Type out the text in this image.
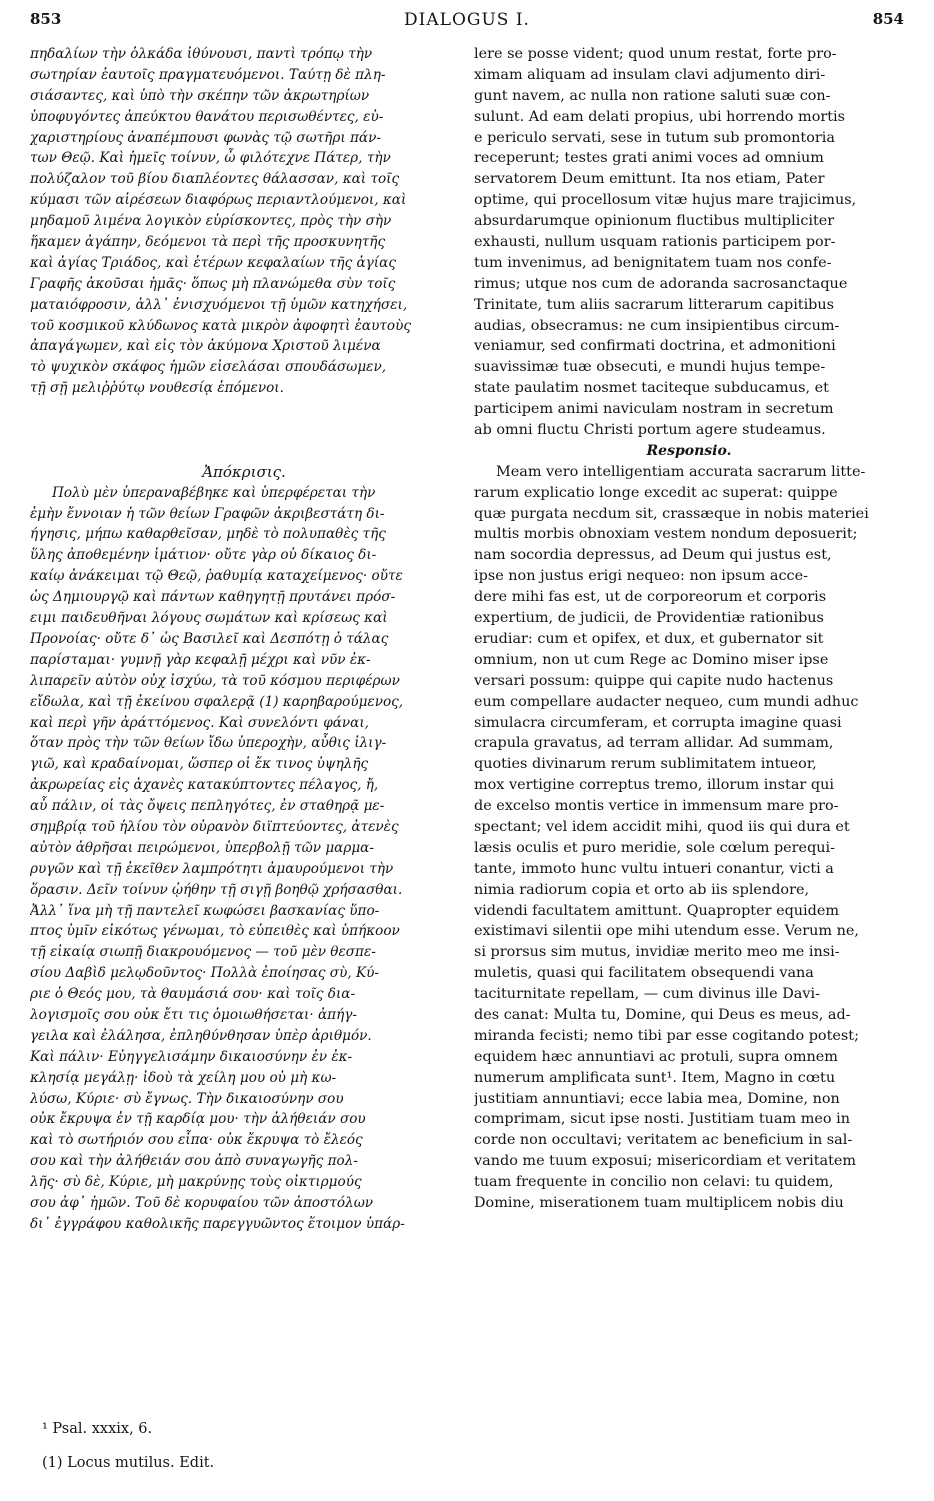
853	DIALOGUS I.	854
πηδαλίων τὴν ὁλκάδα ἰθύνουσι, παντὶ τρόπῳ τὴν
σωτηρίαν ἑαυτοῖς πραγματευόμενοι. Ταύτῃ δὲ πλη-
σιάσαντες, καὶ ὑπὸ τὴν σκέπην τῶν ἀκρωτηρίων
ὑποφυγόντες ἀπεύκτου θανάτου περισωθέντες, εὐ-
χαριστηρίους ἀναπέμπουσι φωνὰς τῷ σωτῆρι πάν-
των Θεῷ. Καὶ ἡμεῖς τοίνυν, ὦ φιλότεχνε Πάτερ, τὴν
πολύζαλον τοῦ βίου διαπλέοντες θάλασσαν, καὶ τοῖς
κύμασι τῶν αἱρέσεων διαφόρως περιαντλούμενοι, καὶ
μηδαμοῦ λιμένα λογικὸν εὑρίσκοντες, πρὸς τὴν σὴν
ἥκαμεν ἀγάπην, δεόμενοι τὰ περὶ τῆς προσκυνητῆς
καὶ ἁγίας Τριάδος, καὶ ἑτέρων κεφαλαίων τῆς ἁγίας
Γραφῆς ἀκοῦσαι ἡμᾶς· ὅπως μὴ πλανώμεθα σὺν τοῖς
ματαιόφροσιν, ἀλλ᾽ ἐνισχυόμενοι τῇ ὑμῶν κατηχήσει,
τοῦ κοσμικοῦ κλύδωνος κατὰ μικρὸν ἀφοφητὶ ἑαυτοὺς
ἀπαγάγωμεν, καὶ εἰς τὸν ἀκύμονα Χριστοῦ λιμένα
τὸ ψυχικὸν σκάφος ἡμῶν εἰσελάσαι σπουδάσωμεν,
τῇ σῇ μελιῤῥύτῳ νουθεσίᾳ ἑπόμενοι.
Ἀπόκρισις.
Πολὺ μὲν ὑπεραναβέβηκε καὶ ὑπερφέρεται τὴν
ἐμὴν ἔννοιαν ἡ τῶν θείων Γραφῶν ἀκριβεστάτη δι-
ήγησις, μήπω καθαρθεῖσαν, μηδὲ τὸ πολυπαθὲς τῆς
ὕλης ἀποθεμένην ἱμάτιον· οὔτε γὰρ οὐ δίκαιος δι-
καίῳ ἀνάκειμαι τῷ Θεῷ, ῥαθυμίᾳ καταχείμενος· οὔτε
ὡς Δημιουργῷ καὶ πάντων καθηγητῇ πρυτάνει πρόσ-
ειμι παιδευθῆναι λόγους σωμάτων καὶ κρίσεως καὶ
Προνοίας· οὔτε δ᾽ ὡς Βασιλεῖ καὶ Δεσπότῃ ὁ τάλας
παρίσταμαι· γυμνῇ γὰρ κεφαλῇ μέχρι καὶ νῦν ἐκ-
λιπαρεῖν αὐτὸν οὐχ ἰσχύω, τὰ τοῦ κόσμου περιφέρων
εἴδωλα, καὶ τῇ ἐκείνου σφαλερᾷ (1) καρηβαρούμενος,
καὶ περὶ γῆν ἀράττόμενος. Καὶ συνελόντι φάναι,
ὅταν πρὸς τὴν τῶν θείων ἴδω ὑπεροχὴν, αὖθις ἰλιγ-
γιῶ, καὶ κραδαίνομαι, ὥσπερ οἱ ἔκ τινος ὑψηλῆς
ἀκρωρείας εἰς ἀχανὲς κατακύπτοντες πέλαγος, ἤ,
αὖ πάλιν, οἱ τὰς ὄψεις πεπληγότες, ἐν σταθηρᾷ με-
σημβρίᾳ τοῦ ἡλίου τὸν οὐρανὸν διϊπτεύοντες, ἀτενὲς
αὐτὸν ἀθρῆσαι πειρώμενοι, ὑπερβολῇ τῶν μαρμα-
ρυγῶν καὶ τῇ ἐκεῖθεν λαμπρότητι ἀμαυρούμενοι τὴν
ὅρασιν. Δεῖν τοίνυν ᾠήθην τῇ σιγῇ βοηθῷ χρήσασθαι.
Ἀλλ᾽ ἵνα μὴ τῇ παντελεῖ κωφώσει βασκανίας ὕπο-
πτος ὑμῖν εἰκότως γένωμαι, τὸ εὐπειθὲς καὶ ὑπήκοον
τῇ εἰκαίᾳ σιωπῇ διακρουόμενος — τοῦ μὲν θεσπε-
σίου Δαβὶδ μελῳδοῦντος· Πολλὰ ἐποίησας σὺ, Κύ-
ριε ὁ Θεός μου, τὰ θαυμάσιά σου· καὶ τοῖς δια-
λογισμοῖς σου οὐκ ἔτι τις ὁμοιωθήσεται· ἀπήγ-
γειλα καὶ ἐλάλησα, ἐπληθύνθησαν ὑπὲρ ἀριθμόν.
Καὶ πάλιν· Εὐηγγελισάμην δικαιοσύνην ἐν ἐκ-
κλησίᾳ μεγάλῃ· ἰδοὺ τὰ χείλη μου οὐ μὴ κω-
λύσω, Κύριε· σὺ ἔγνως. Τὴν δικαιοσύνην σου
οὐκ ἔκρυψα ἐν τῇ καρδίᾳ μου· τὴν ἀλήθειάν σου
καὶ τὸ σωτήριόν σου εἶπα· οὐκ ἔκρυψα τὸ ἔλεός
σου καὶ τὴν ἀλήθειάν σου ἀπὸ συναγωγῆς πολ-
λῆς· σὺ δὲ, Κύριε, μὴ μακρύνῃς τοὺς οἰκτιρμούς
σου ἀφ᾽ ἡμῶν. Τοῦ δὲ κορυφαίου τῶν ἀποστόλων
δι᾽ ἐγγράφου καθολικῆς παρεγγυῶντος ἕτοιμον ὑπάρ-
lere se posse vident; quod unum restat, forte pro-
ximam aliquam ad insulam clavi adjumento diri-
gunt navem, ac nulla non ratione saluti suæ con-
sulunt. Ad eam delati propius, ubi horrendo mortis
e periculo servati, sese in tutum sub promontoria
receperunt; testes grati animi voces ad omnium
servatorem Deum emittunt. Ita nos etiam, Pater
optime, qui procellosum vitæ hujus mare trajicimus,
absurdarumque opinionum fluctibus multipliciter
exhausti, nullum usquam rationis participem por-
tum invenimus, ad benignitatem tuam nos confe-
rimus; utque nos cum de adoranda sacrosanctaque
Trinitate, tum aliis sacrarum litterarum capitibus
audias, obsecramus: ne cum insipientibus circum-
veniamur, sed confirmati doctrina, et admonitioni
suavissimæ tuæ obsecuti, e mundi hujus tempe-
state paulatim nosmet taciteque subducamus, et
participem animi naviculam nostram in secretum
ab omni fluctu Christi portum agere studeamus.
Responsio.
Meam vero intelligentiam accurata sacrarum litte-
rarum explicatio longe excedit ac superat: quippe
quæ purgata necdum sit, crassæque in nobis materiei
multis morbis obnoxiam vestem nondum deposuerit;
nam socordia depressus, ad Deum qui justus est,
ipse non justus erigi nequeo: non ipsum acce-
dere mihi fas est, ut de corporeorum et corporis
expertium, de judicii, de Providentiæ rationibus
erudiar: cum et opifex, et dux, et gubernator sit
omnium, non ut cum Rege ac Domino miser ipse
versari possum: quippe qui capite nudo hactenus
eum compellare audacter nequeo, cum mundi adhuc
simulacra circumferam, et corrupta imagine quasi
crapula gravatus, ad terram allidar. Ad summam,
quoties divinarum rerum sublimitatem intueor,
mox vertigine correptus tremo, illorum instar qui
de excelso montis vertice in immensum mare pro-
spectant; vel idem accidit mihi, quod iis qui dura et
læsis oculis et puro meridie, sole cœlum perequi-
tante, immoto hunc vultu intueri conantur, victi a
nimia radiorum copia et orto ab iis splendore,
videndi facultatem amittunt. Quapropter equidem
existimavi silentii ope mihi utendum esse. Verum ne,
si prorsus sim mutus, invidiæ merito meo me insi-
muletis, quasi qui facilitatem obsequendi vana
taciturnitate repellam, — cum divinus ille Davi-
des canat: Multa tu, Domine, qui Deus es meus, ad-
miranda fecisti; nemo tibi par esse cogitando potest;
equidem hæc annuntiavi ac protuli, supra omnem
numerum amplificata sunt¹. Item, Magno in cœtu
justitiam annuntiavi; ecce labia mea, Domine, non
comprimam, sicut ipse nosti. Justitiam tuam meo in
corde non occultavi; veritatem ac beneficium in sal-
vando me tuum exposui; misericordiam et veritatem
tuam frequente in concilio non celavi: tu quidem,
Domine, miserationem tuam multiplicem nobis diu
¹ Psal. xxxix, 6.
(1) Locus mutilus. Edit.
